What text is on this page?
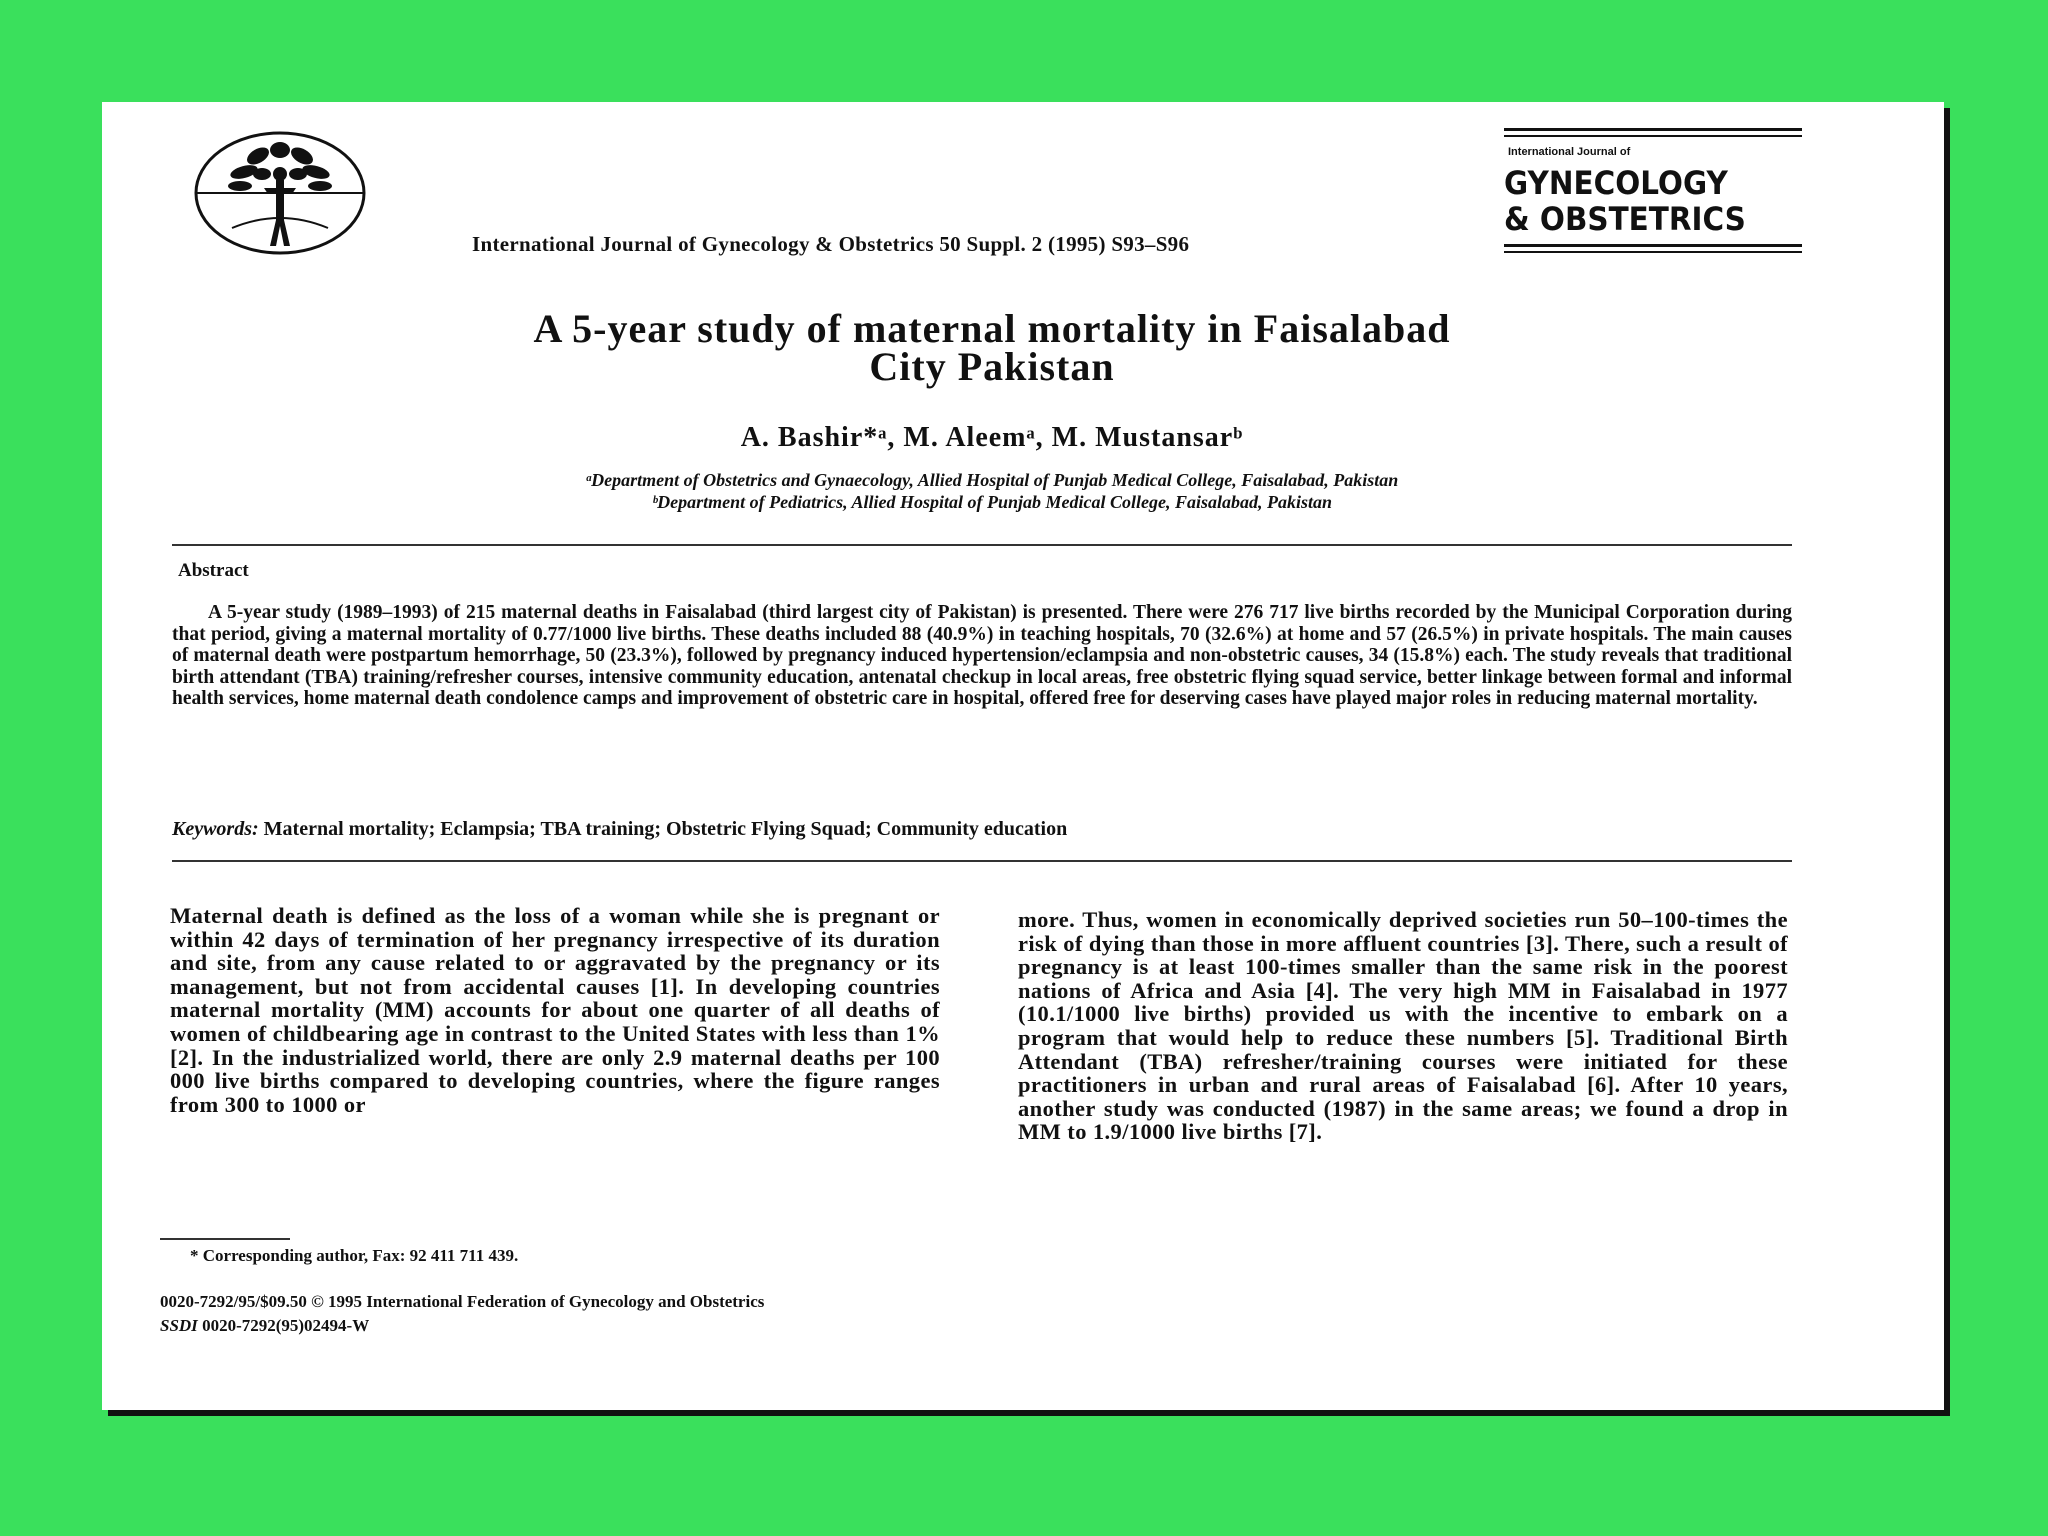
International Journal of Gynecology & Obstetrics 50 Suppl. 2 (1995) S93–S96
International Journal of
GYNECOLOGY
& OBSTETRICS
A 5-year study of maternal mortality in Faisalabad
City Pakistan
A. Bashir*ᵃ, M. Aleemᵃ, M. Mustansarᵇ
ᵃDepartment of Obstetrics and Gynaecology, Allied Hospital of Punjab Medical College, Faisalabad, Pakistan
ᵇDepartment of Pediatrics, Allied Hospital of Punjab Medical College, Faisalabad, Pakistan
Abstract
A 5-year study (1989–1993) of 215 maternal deaths in Faisalabad (third largest city of Pakistan) is presented. There were 276 717 live births recorded by the Municipal Corporation during that period, giving a maternal mortality of 0.77/1000 live births. These deaths included 88 (40.9%) in teaching hospitals, 70 (32.6%) at home and 57 (26.5%) in private hospitals. The main causes of maternal death were postpartum hemorrhage, 50 (23.3%), followed by pregnancy induced hypertension/eclampsia and non-obstetric causes, 34 (15.8%) each. The study reveals that traditional birth attendant (TBA) training/refresher courses, intensive community education, antenatal checkup in local areas, free obstetric flying squad service, better linkage between formal and informal health services, home maternal death condolence camps and improvement of obstetric care in hospital, offered free for deserving cases have played major roles in reducing maternal mortality.
Keywords: Maternal mortality; Eclampsia; TBA training; Obstetric Flying Squad; Community education
Maternal death is defined as the loss of a woman while she is pregnant or within 42 days of termination of her pregnancy irrespective of its duration and site, from any cause related to or aggravated by the pregnancy or its management, but not from accidental causes [1]. In developing countries maternal mortality (MM) accounts for about one quarter of all deaths of women of childbearing age in contrast to the United States with less than 1% [2]. In the industrialized world, there are only 2.9 maternal deaths per 100 000 live births compared to developing countries, where the figure ranges from 300 to 1000 or
more. Thus, women in economically deprived societies run 50–100-times the risk of dying than those in more affluent countries [3]. There, such a result of pregnancy is at least 100-times smaller than the same risk in the poorest nations of Africa and Asia [4]. The very high MM in Faisalabad in 1977 (10.1/1000 live births) provided us with the incentive to embark on a program that would help to reduce these numbers [5]. Traditional Birth Attendant (TBA) refresher/training courses were initiated for these practitioners in urban and rural areas of Faisalabad [6]. After 10 years, another study was conducted (1987) in the same areas; we found a drop in MM to 1.9/1000 live births [7].
* Corresponding author, Fax: 92 411 711 439.
0020-7292/95/$09.50 © 1995 International Federation of Gynecology and Obstetrics
SSDI 0020-7292(95)02494-W
